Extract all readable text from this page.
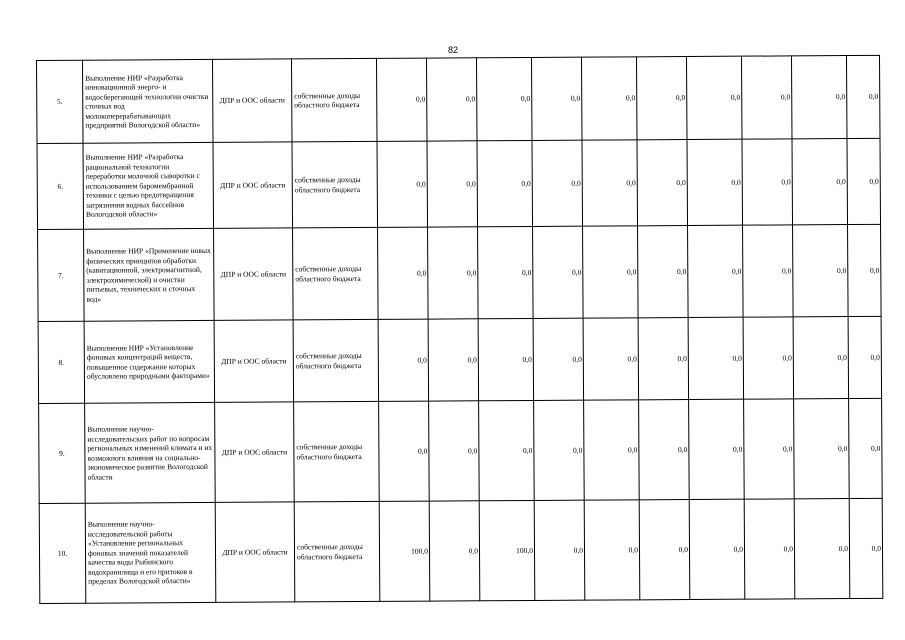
82
5.	Выполнение НИР «Разработка инновационной энерго- и водосберегающей технологии очистки сточных вод молокоперерабатывающих предприятий Вологодской области»	ДПР и ООС области	собственные доходы областного бюджета	0,0	0,0	0,0	0,0	0,0	0,0	0,0	0,0	0,0	0,0
6.	Выполнение НИР «Разработка рациональной технологии переработки молочной сыворотки с использованием баромембранной техники с целью предотвращения загрязнения водных бассейнов Вологодской области»	ДПР и ООС области	собственные доходы областного бюджета	0,0	0,0	0,0	0,0	0,0	0,0	0,0	0,0	0,0	0,0
7.	Выполнение НИР «Применение новых физических принципов обработки (кавитационной, электромагнитной, электрохимической) и очистки питьевых, технических и сточных вод»	ДПР и ООС области	собственные доходы областного бюджета	0,0	0,0	0,0	0,0	0,0	0,0	0,0	0,0	0,0	0,0
8.	Выполнение НИР «Установление фоновых концентраций веществ, повышенное содержание которых обусловлено природными факторами»	ДПР и ООС области	собственные доходы областного бюджета	0,0	0,0	0,0	0,0	0,0	0,0	0,0	0,0	0,0	0,0
9.	Выполнение научно-исследовательских работ по вопросам региональных изменений климата и их возможного влияния на социально-экономическое развитие Вологодской области	ДПР и ООС области	собственные доходы областного бюджета	0,0	0,0	0,0	0,0	0,0	0,0	0,0	0,0	0,0	0,0
10.	Выполнение научно-исследовательской работы «Установление региональных фоновых значений показателей качества воды Рыбинского водохранилища и его притоков в пределах Вологодской области»	ДПР и ООС области	собственные доходы областного бюджета	100,0	0,0	100,0	0,0	0,0	0,0	0,0	0,0	0,0	0,0
